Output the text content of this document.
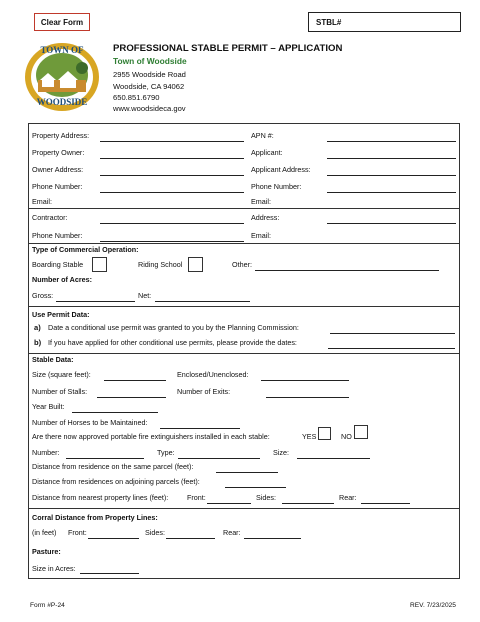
Clear Form	STBL#
TOWN OF
WOODSIDE
PROFESSIONAL STABLE PERMIT – APPLICATION
Town of Woodside
2955 Woodside Road
Woodside, CA 94062
650.851.6790
www.woodsideca.gov
Property Address:	APN #:
Property Owner:	Applicant:
Owner Address:	Applicant Address:
Phone Number:	Phone Number:
Email:	Email:
Contractor:	Address:
Phone Number:	Email:
Type of Commercial Operation:
Boarding Stable	Riding School	Other:
Number of Acres:
Gross:	Net:
Use Permit Data:
a) Date a conditional use permit was granted to you by the Planning Commission:
b) If you have applied for other conditional use permits, please provide the dates:
Stable Data:
Size (square feet):	Enclosed/Unenclosed:
Number of Stalls:	Number of Exits:
Year Built:
Number of Horses to be Maintained:
Are there now approved portable fire extinguishers installed in each stable:	YES	NO
Number:	Type:	Size:
Distance from residence on the same parcel (feet):
Distance from residences on adjoining parcels (feet):
Distance from nearest property lines (feet):	Front:	Sides:	Rear:
Corral Distance from Property Lines:
(in feet) Front:	Sides:	Rear:
Pasture:
Size in Acres:
Form #P-24	REV. 7/23/2025
